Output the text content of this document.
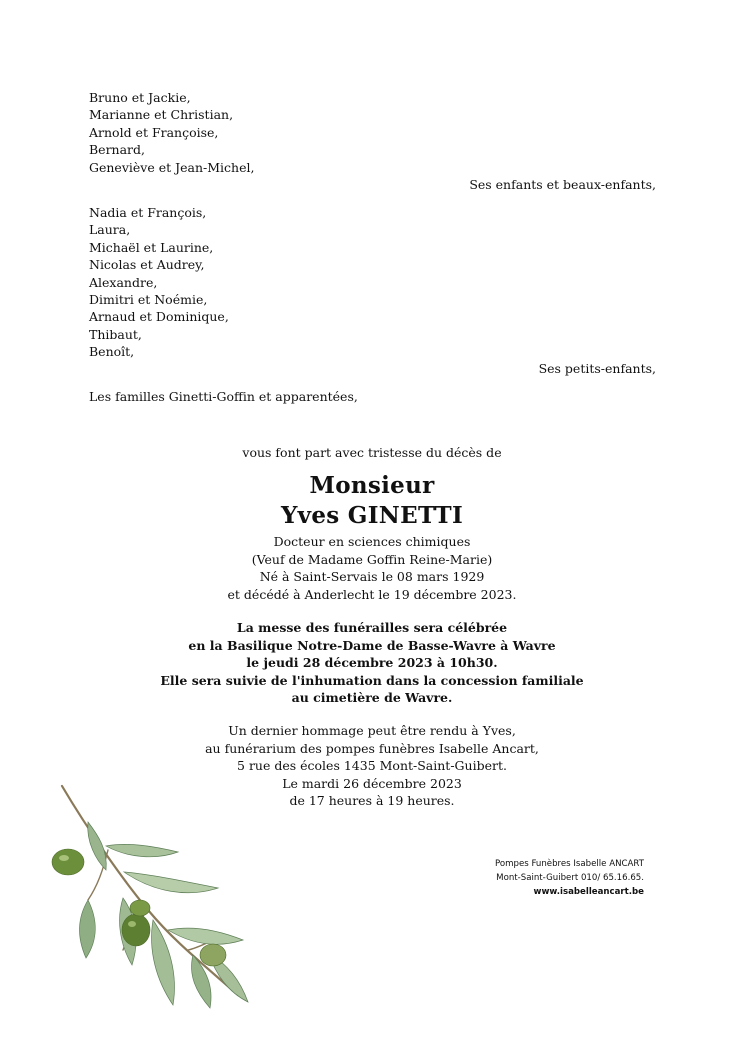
Bruno et Jackie,
Marianne et Christian,
Arnold et Françoise,
Bernard,
Geneviève et Jean-Michel,
Ses enfants et beaux-enfants,
Nadia et François,
Laura,
Michaël et Laurine,
Nicolas et Audrey,
Alexandre,
Dimitri et Noémie,
Arnaud et Dominique,
Thibaut,
Benoît,
Ses petits-enfants,
Les familles Ginetti-Goffin et apparentées,
vous font part avec tristesse du décès de
Monsieur
Yves GINETTI
Docteur en sciences chimiques
(Veuf de Madame Goffin Reine-Marie)
Né à Saint-Servais le 08 mars 1929
et décédé à Anderlecht le 19 décembre 2023.
La messe des funérailles sera célébrée
en la Basilique Notre-Dame de Basse-Wavre à Wavre
le jeudi 28 décembre 2023 à 10h30.
Elle sera suivie de l'inhumation dans la concession familiale
au cimetière de Wavre.
Un dernier hommage peut être rendu à Yves,
au funérarium des pompes funèbres Isabelle Ancart,
5 rue des écoles 1435 Mont-Saint-Guibert.
Le mardi 26 décembre 2023
de 17 heures à 19 heures.
Pompes Funèbres Isabelle ANCART
Mont-Saint-Guibert 010/ 65.16.65.
www.isabelleancart.be
